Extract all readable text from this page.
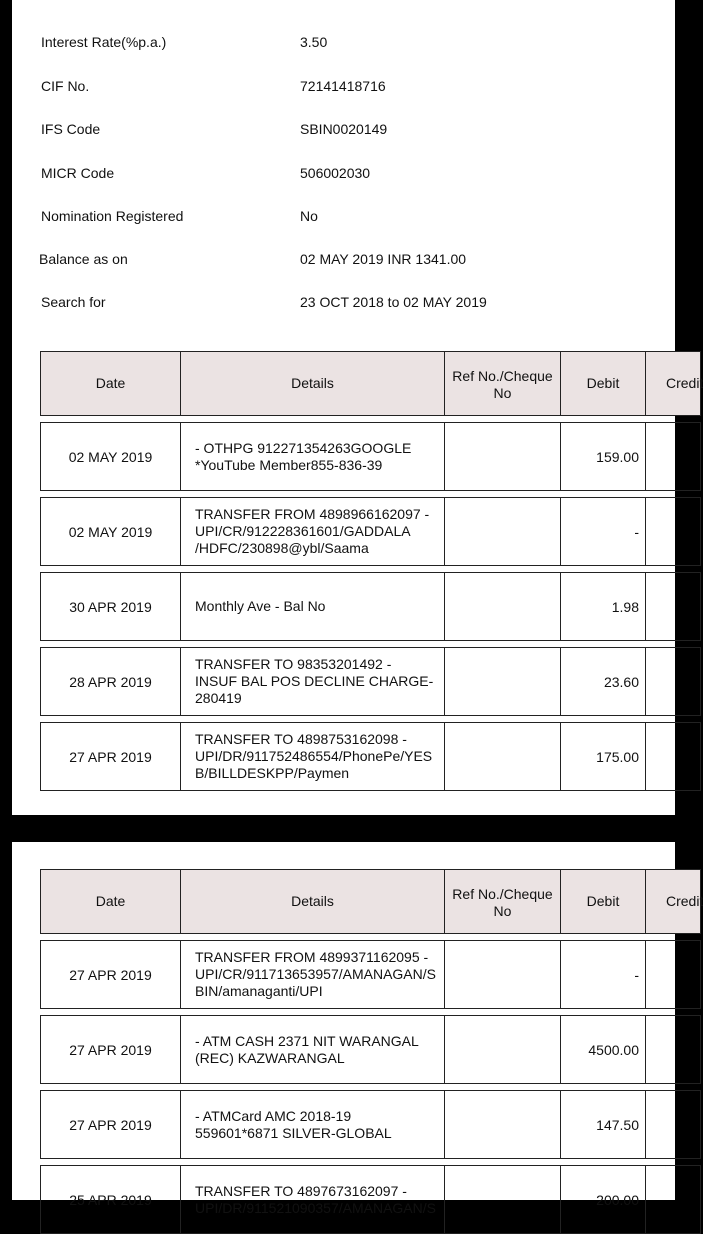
Interest Rate(%p.a.)	3.50
CIF No.	72141418716
IFS Code	SBIN0020149
MICR Code	506002030
Nomination Registered	No
Balance as on	02 MAY 2019 INR 1341.00
Search for	23 OCT 2018 to 02 MAY 2019
Date	Details	Ref No./Cheque No	Debit	Credit

02 MAY 2019	- OTHPG 912271354263GOOGLE
*YouTube Member855-836-39		159.00	

02 MAY 2019	TRANSFER FROM 4898966162097 -
UPI/CR/912228361601/GADDALA
/HDFC/230898@ybl/Saama		-	

30 APR 2019	Monthly Ave - Bal No		1.98	

28 APR 2019	TRANSFER TO 98353201492 -
INSUF BAL POS DECLINE CHARGE-
280419		23.60	

27 APR 2019	TRANSFER TO 4898753162098 -
UPI/DR/911752486554/PhonePe/YES
B/BILLDESKPP/Paymen		175.00	
Date	Details	Ref No./Cheque No	Debit	Credit

27 APR 2019	TRANSFER FROM 4899371162095 -
UPI/CR/911713653957/AMANAGAN/S
BIN/amanaganti/UPI		-	

27 APR 2019	- ATM CASH 2371 NIT WARANGAL
(REC) KAZWARANGAL		4500.00	

27 APR 2019	- ATMCard AMC 2018-19
559601*6871 SILVER-GLOBAL		147.50	

25 APR 2019	TRANSFER TO 4897673162097 -
UPI/DR/911521090357/AMANAGAN/S		200.00	
